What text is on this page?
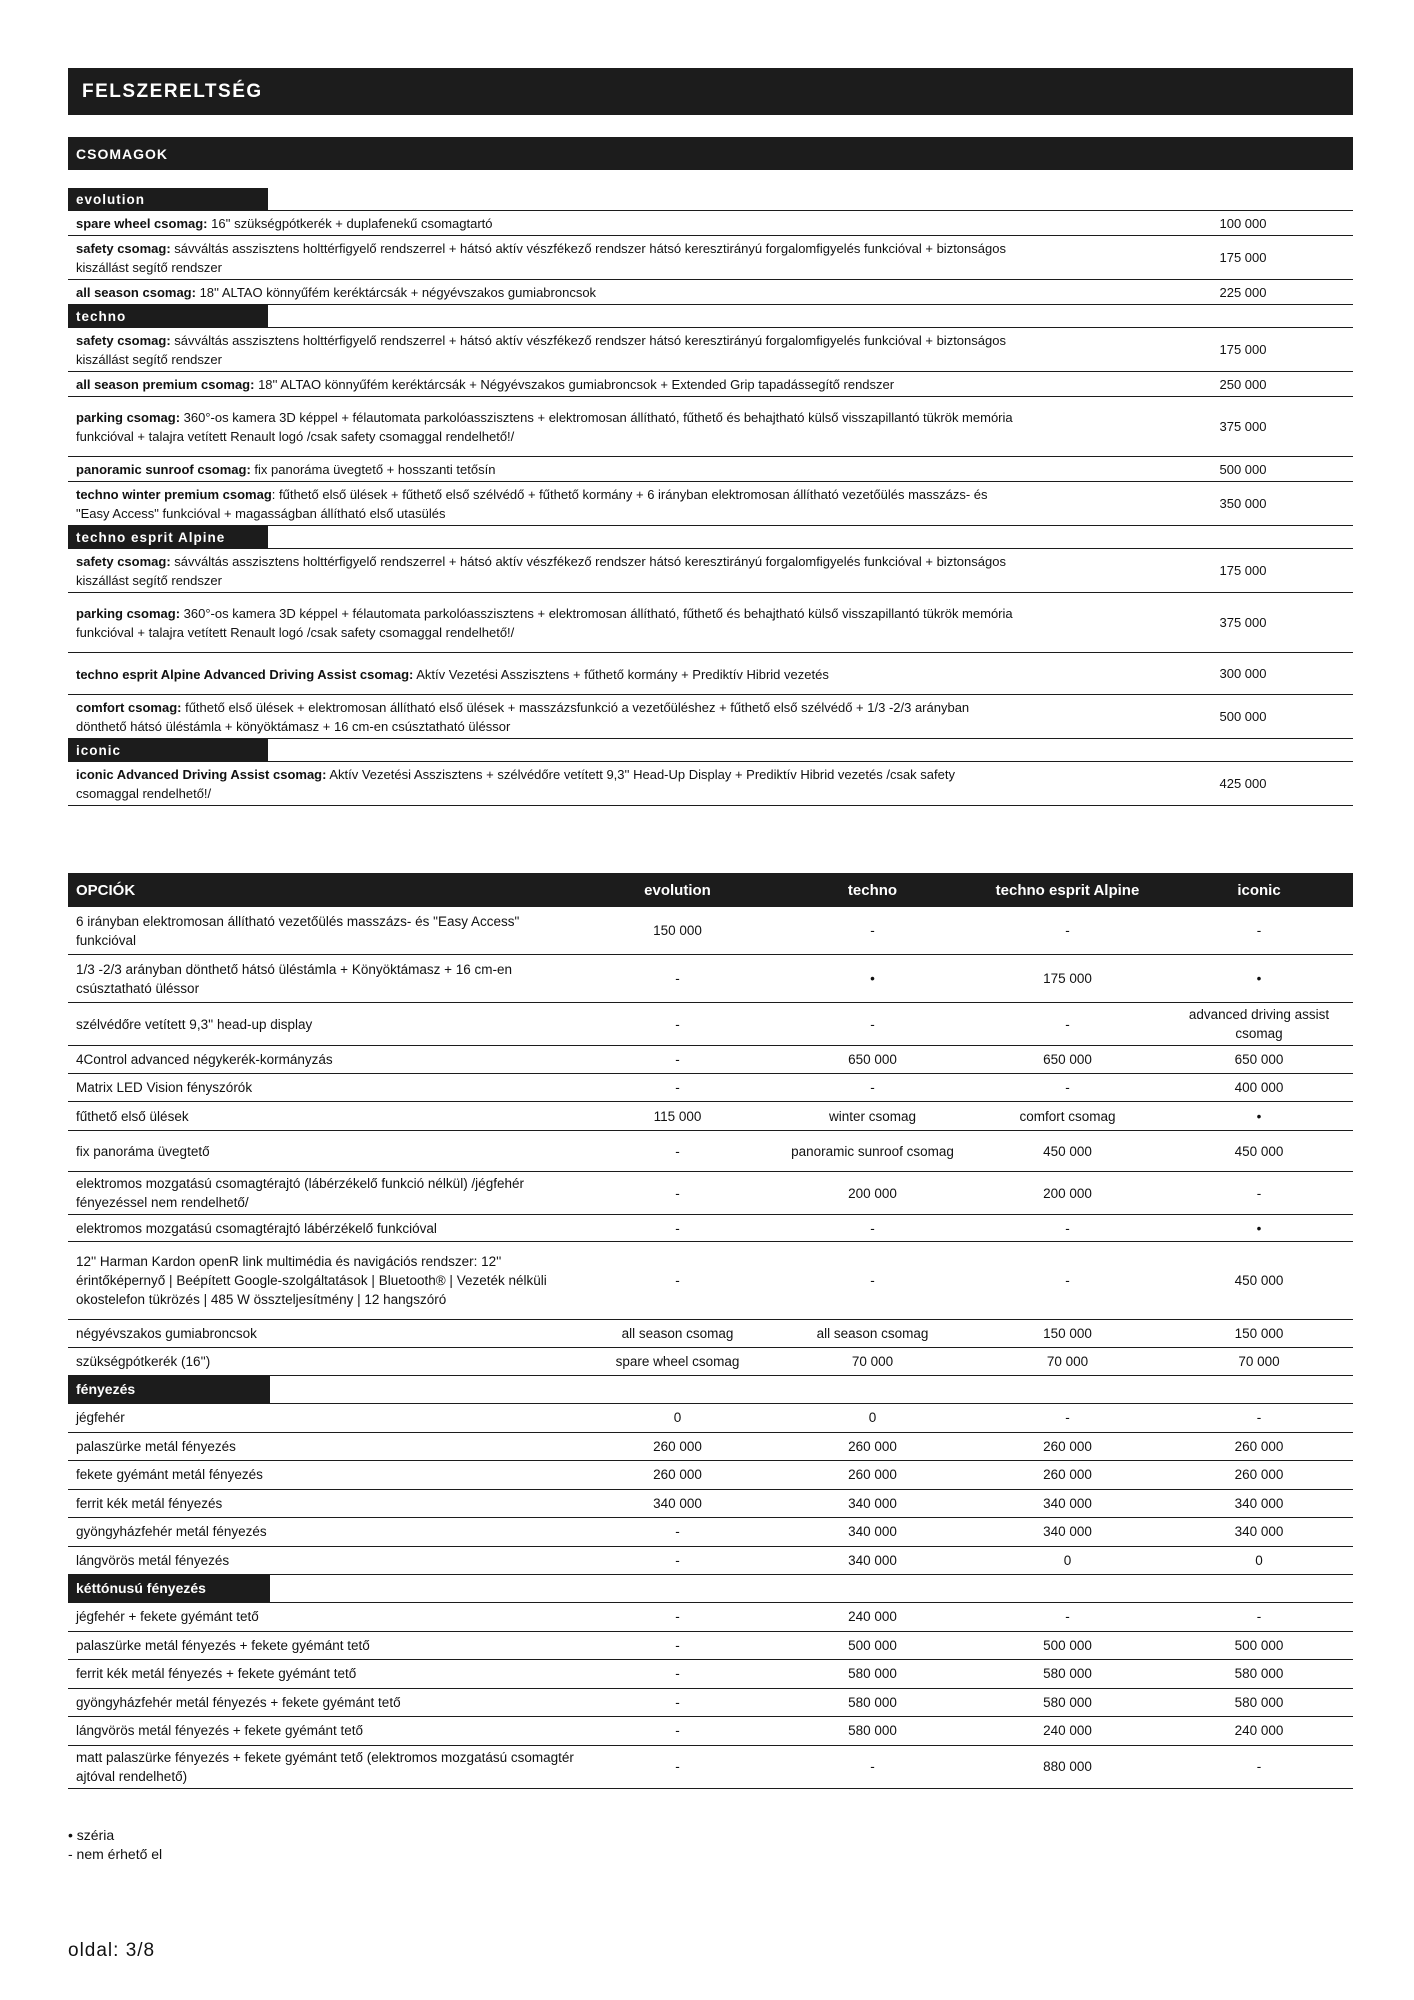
FELSZERELTSÉG
CSOMAGOK
evolution
spare wheel csomag: 16'' szükségpótkerék + duplafenekű csomagtartó	100 000
safety csomag: sávváltás asszisztens holttérfigyelő rendszerrel + hátsó aktív vészfékező rendszer hátsó keresztirányú forgalomfigyelés funkcióval + biztonságos kiszállást segítő rendszer
175 000
all season csomag: 18'' ALTAO könnyűfém keréktárcsák + négyévszakos gumiabroncsok	225 000
techno
safety csomag: sávváltás asszisztens holttérfigyelő rendszerrel + hátsó aktív vészfékező rendszer hátsó keresztirányú forgalomfigyelés funkcióval + biztonságos kiszállást segítő rendszer
175 000
all season premium csomag: 18'' ALTAO könnyűfém keréktárcsák + Négyévszakos gumiabroncsok + Extended Grip tapadássegítő rendszer	250 000
parking csomag: 360°-os kamera 3D képpel + félautomata parkolóasszisztens + elektromosan állítható, fűthető és behajtható külső visszapillantó tükrök memória funkcióval + talajra vetített Renault logó /csak safety csomaggal rendelhető!/
375 000
panoramic sunroof csomag: fix panoráma üvegtető + hosszanti tetősín	500 000
techno winter premium csomag: fűthető első ülések + fűthető első szélvédő + fűthető kormány + 6 irányban elektromosan állítható vezetőülés masszázs- és "Easy Access" funkcióval + magasságban állítható első utasülés
350 000
techno esprit Alpine
safety csomag: sávváltás asszisztens holttérfigyelő rendszerrel + hátsó aktív vészfékező rendszer hátsó keresztirányú forgalomfigyelés funkcióval + biztonságos kiszállást segítő rendszer
175 000
parking csomag: 360°-os kamera 3D képpel + félautomata parkolóasszisztens + elektromosan állítható, fűthető és behajtható külső visszapillantó tükrök memória funkcióval + talajra vetített Renault logó /csak safety csomaggal rendelhető!/
375 000
techno esprit Alpine Advanced Driving Assist csomag: Aktív Vezetési Asszisztens + fűthető kormány + Prediktív Hibrid vezetés	300 000
comfort csomag: fűthető első ülések + elektromosan állítható első ülések + masszázsfunkció a vezetőüléshez + fűthető első szélvédő + 1/3 -2/3 arányban dönthető hátsó üléstámla + könyöktámasz + 16 cm-en csúsztatható üléssor
500 000
iconic
iconic Advanced Driving Assist csomag: Aktív Vezetési Asszisztens + szélvédőre vetített 9,3'' Head-Up Display + Prediktív Hibrid vezetés /csak safety csomaggal rendelhető!/
425 000
OPCIÓK	evolution	techno	techno esprit Alpine	iconic
6 irányban elektromosan állítható vezetőülés masszázs- és "Easy Access" funkcióval
150 000	-	-	-
1/3 -2/3 arányban dönthető hátsó üléstámla + Könyöktámasz + 16 cm-en csúsztatható üléssor
-	•	175 000	•
szélvédőre vetített 9,3'' head-up display	-	-	-
advanced driving assist csomag
4Control advanced négykerék-kormányzás	-	650 000	650 000	650 000
Matrix LED Vision fényszórók	-	-	-	400 000
fűthető első ülések	115 000	winter csomag	comfort csomag	•
fix panoráma üvegtető	-	panoramic sunroof csomag	450 000	450 000
elektromos mozgatású csomagtérajtó (lábérzékelő funkció nélkül) /jégfehér fényezéssel nem rendelhető/
-	200 000	200 000	-
elektromos mozgatású csomagtérajtó lábérzékelő funkcióval	-	-	-	•
12'' Harman Kardon openR link multimédia és navigációs rendszer: 12'' érintőképernyő | Beépített Google-szolgáltatások | Bluetooth® | Vezeték nélküli okostelefon tükrözés | 485 W összteljesítmény | 12 hangszóró
-	-	-	450 000
négyévszakos gumiabroncsok	all season csomag	all season csomag	150 000	150 000
szükségpótkerék (16'')	spare wheel csomag	70 000	70 000	70 000
fényezés
jégfehér	0	0	-	-
palaszürke metál fényezés	260 000	260 000	260 000	260 000
fekete gyémánt metál fényezés	260 000	260 000	260 000	260 000
ferrit kék metál fényezés	340 000	340 000	340 000	340 000
gyöngyházfehér metál fényezés	-	340 000	340 000	340 000
lángvörös metál fényezés	-	340 000	0	0
kéttónusú fényezés
jégfehér + fekete gyémánt tető	-	240 000	-	-
palaszürke metál fényezés + fekete gyémánt tető	-	500 000	500 000	500 000
ferrit kék metál fényezés + fekete gyémánt tető	-	580 000	580 000	580 000
gyöngyházfehér metál fényezés + fekete gyémánt tető	-	580 000	580 000	580 000
lángvörös metál fényezés + fekete gyémánt tető	-	580 000	240 000	240 000
matt palaszürke fényezés + fekete gyémánt tető (elektromos mozgatású csomagtér ajtóval rendelhető)
-	-	880 000	-
• széria
- nem érhető el
oldal: 3/8
